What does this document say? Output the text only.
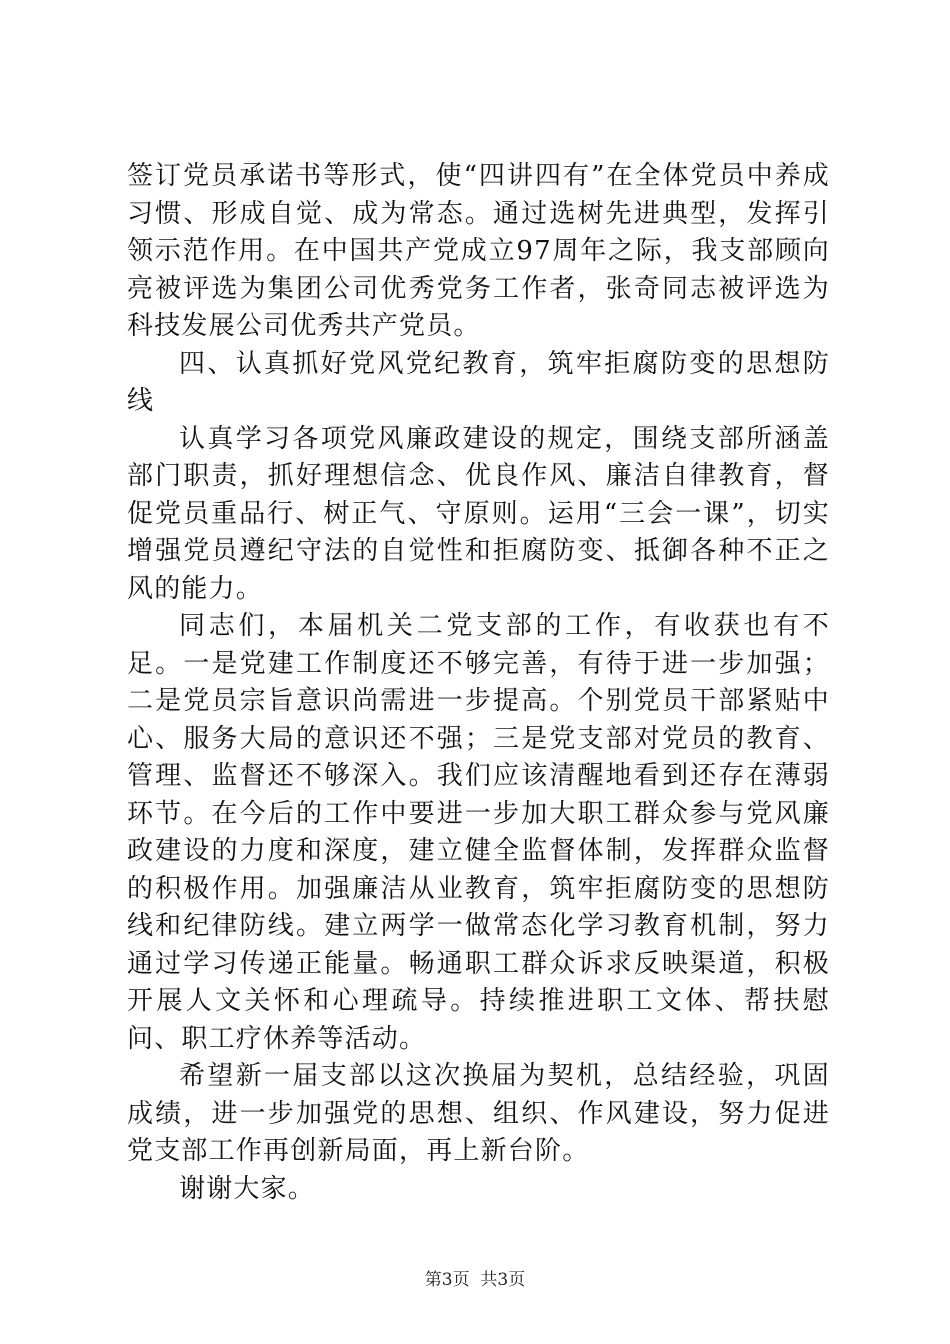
签订党员承诺书等形式，使“四讲四有”在全体党员中养成习惯、形成自觉、成为常态。通过选树先进典型，发挥引领示范作用。在中国共产党成立97周年之际，我支部顾向亮被评选为集团公司优秀党务工作者，张奇同志被评选为科技发展公司优秀共产党员。

四、认真抓好党风党纪教育，筑牢拒腐防变的思想防线

认真学习各项党风廉政建设的规定，围绕支部所涵盖部门职责，抓好理想信念、优良作风、廉洁自律教育，督促党员重品行、树正气、守原则。运用“三会一课”，切实增强党员遵纪守法的自觉性和拒腐防变、抵御各种不正之风的能力。

同志们，本届机关二党支部的工作，有收获也有不足。一是党建工作制度还不够完善，有待于进一步加强；二是党员宗旨意识尚需进一步提高。个别党员干部紧贴中心、服务大局的意识还不强；三是党支部对党员的教育、管理、监督还不够深入。我们应该清醒地看到还存在薄弱环节。在今后的工作中要进一步加大职工群众参与党风廉政建设的力度和深度，建立健全监督体制，发挥群众监督的积极作用。加强廉洁从业教育，筑牢拒腐防变的思想防线和纪律防线。建立两学一做常态化学习教育机制，努力通过学习传递正能量。畅通职工群众诉求反映渠道，积极开展人文关怀和心理疏导。持续推进职工文体、帮扶慰问、职工疗休养等活动。

希望新一届支部以这次换届为契机，总结经验，巩固成绩，进一步加强党的思想、组织、作风建设，努力促进党支部工作再创新局面，再上新台阶。

谢谢大家。

第3页 共3页
